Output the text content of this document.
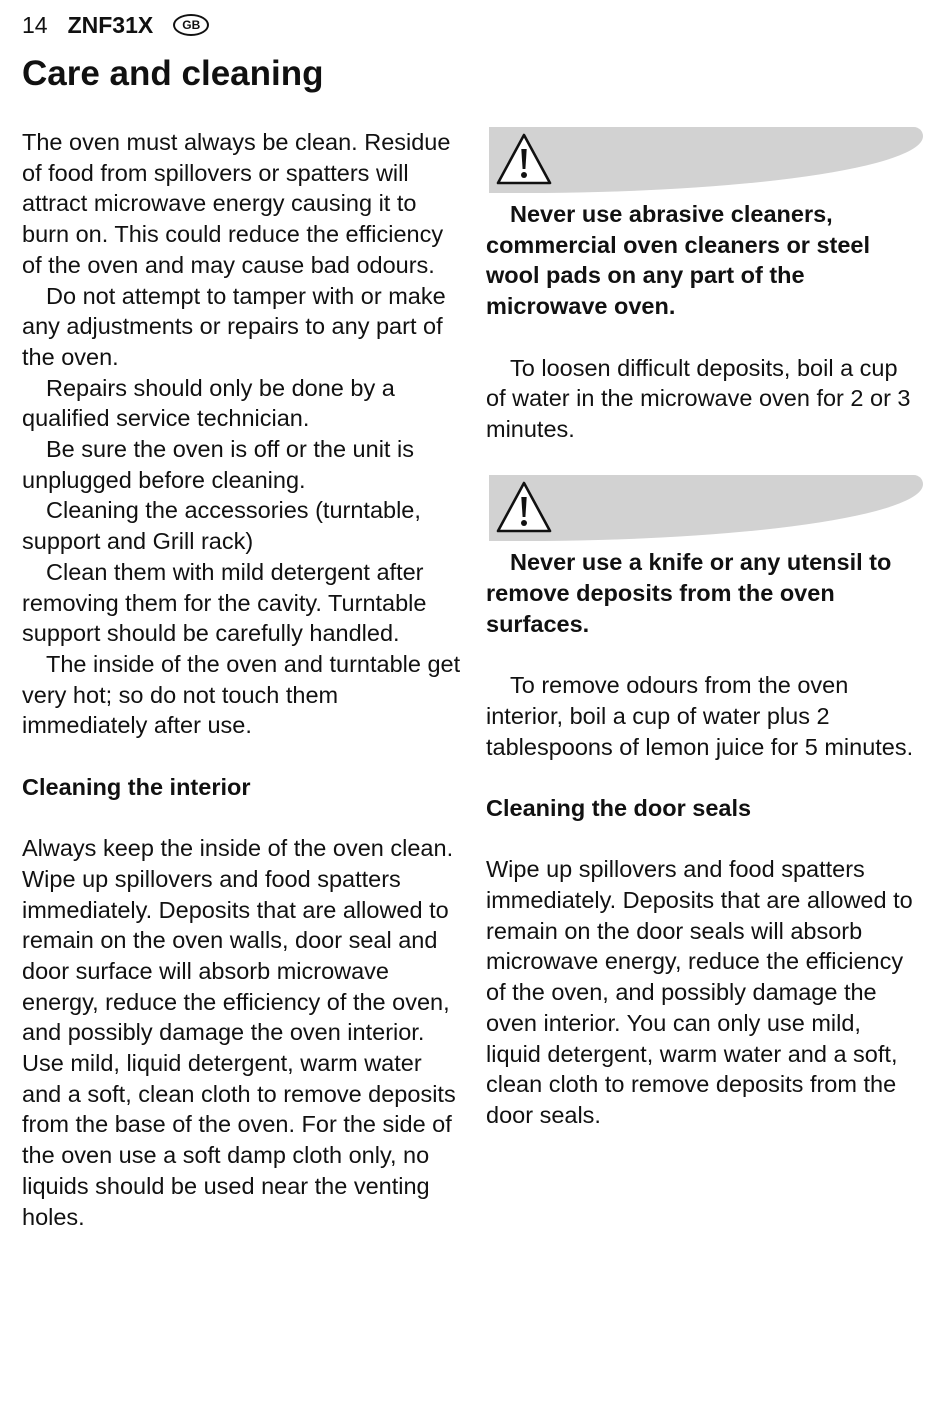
14 ZNF31X	GB
Care and cleaning

The oven must always be clean. Residue of food from spillovers or spatters will attract microwave energy causing it to burn on. This could reduce the efficiency of the oven and may cause bad odours.

Do not attempt to tamper with or make any adjustments or repairs to any part of the oven.

Repairs should only be done by a qualified service technician.

Be sure the oven is off or the unit is unplugged before cleaning.

Cleaning the accessories (turntable, support and Grill rack)

Clean them with mild detergent after removing them for the cavity. Turntable support should be carefully handled.

The inside of the oven and turntable get very hot; so do not touch them immediately after use.

Cleaning the interior

Always keep the inside of the oven clean. Wipe up spillovers and food spatters immediately. Deposits that are allowed to remain on the oven walls, door seal and door surface will absorb microwave energy, reduce the efficiency of the oven, and possibly damage the oven interior. Use mild, liquid detergent, warm water and a soft, clean cloth to remove deposits from the base of the oven. For the side of the oven use a soft damp cloth only, no liquids should be used near the venting holes.

Never use abrasive cleaners, commercial oven cleaners or steel wool pads on any part of the microwave oven.

To loosen difficult deposits, boil a cup of water in the microwave oven for 2 or 3 minutes.

Never use a knife or any utensil to remove deposits from the oven surfaces.

To remove odours from the oven interior, boil a cup of water plus 2 tablespoons of lemon juice for 5 minutes.

Cleaning the door seals

Wipe up spillovers and food spatters immediately. Deposits that are allowed to remain on the door seals will absorb microwave energy, reduce the efficiency of the oven, and possibly damage the oven interior. You can only use mild, liquid detergent, warm water and a soft, clean cloth to remove deposits from the door seals.
